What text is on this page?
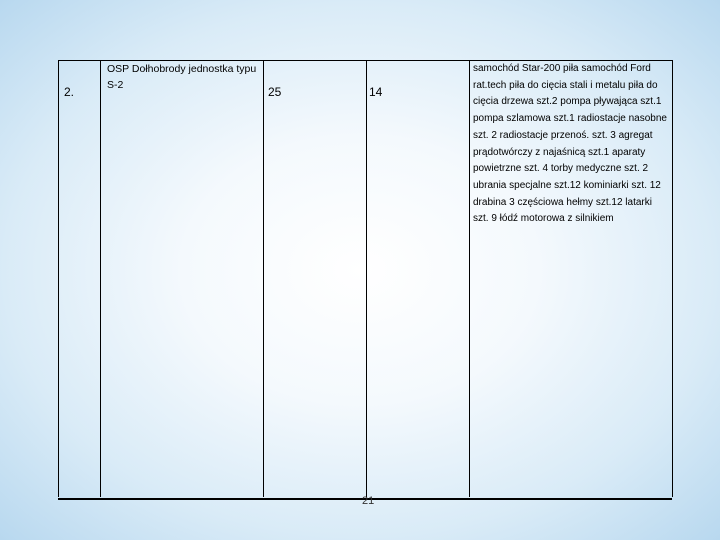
2.
OSP Dołhobrody jednostka typu S-2	25	14
samochód Star-200 piła samochód Ford rat.tech piła do cięcia stali i metalu piła do cięcia drzewa szt.2 pompa pływająca szt.1 pompa szlamowa szt.1 radiostacje nasobne szt. 2 radiostacje przenoś. szt. 3 agregat prądotwórczy z najaśnicą szt.1 aparaty powietrzne szt. 4 torby medyczne szt. 2 ubrania specjalne szt.12 kominiarki szt. 12 drabina 3 częściowa hełmy szt.12 latarki szt. 9 łódź motorowa z silnikiem
21
